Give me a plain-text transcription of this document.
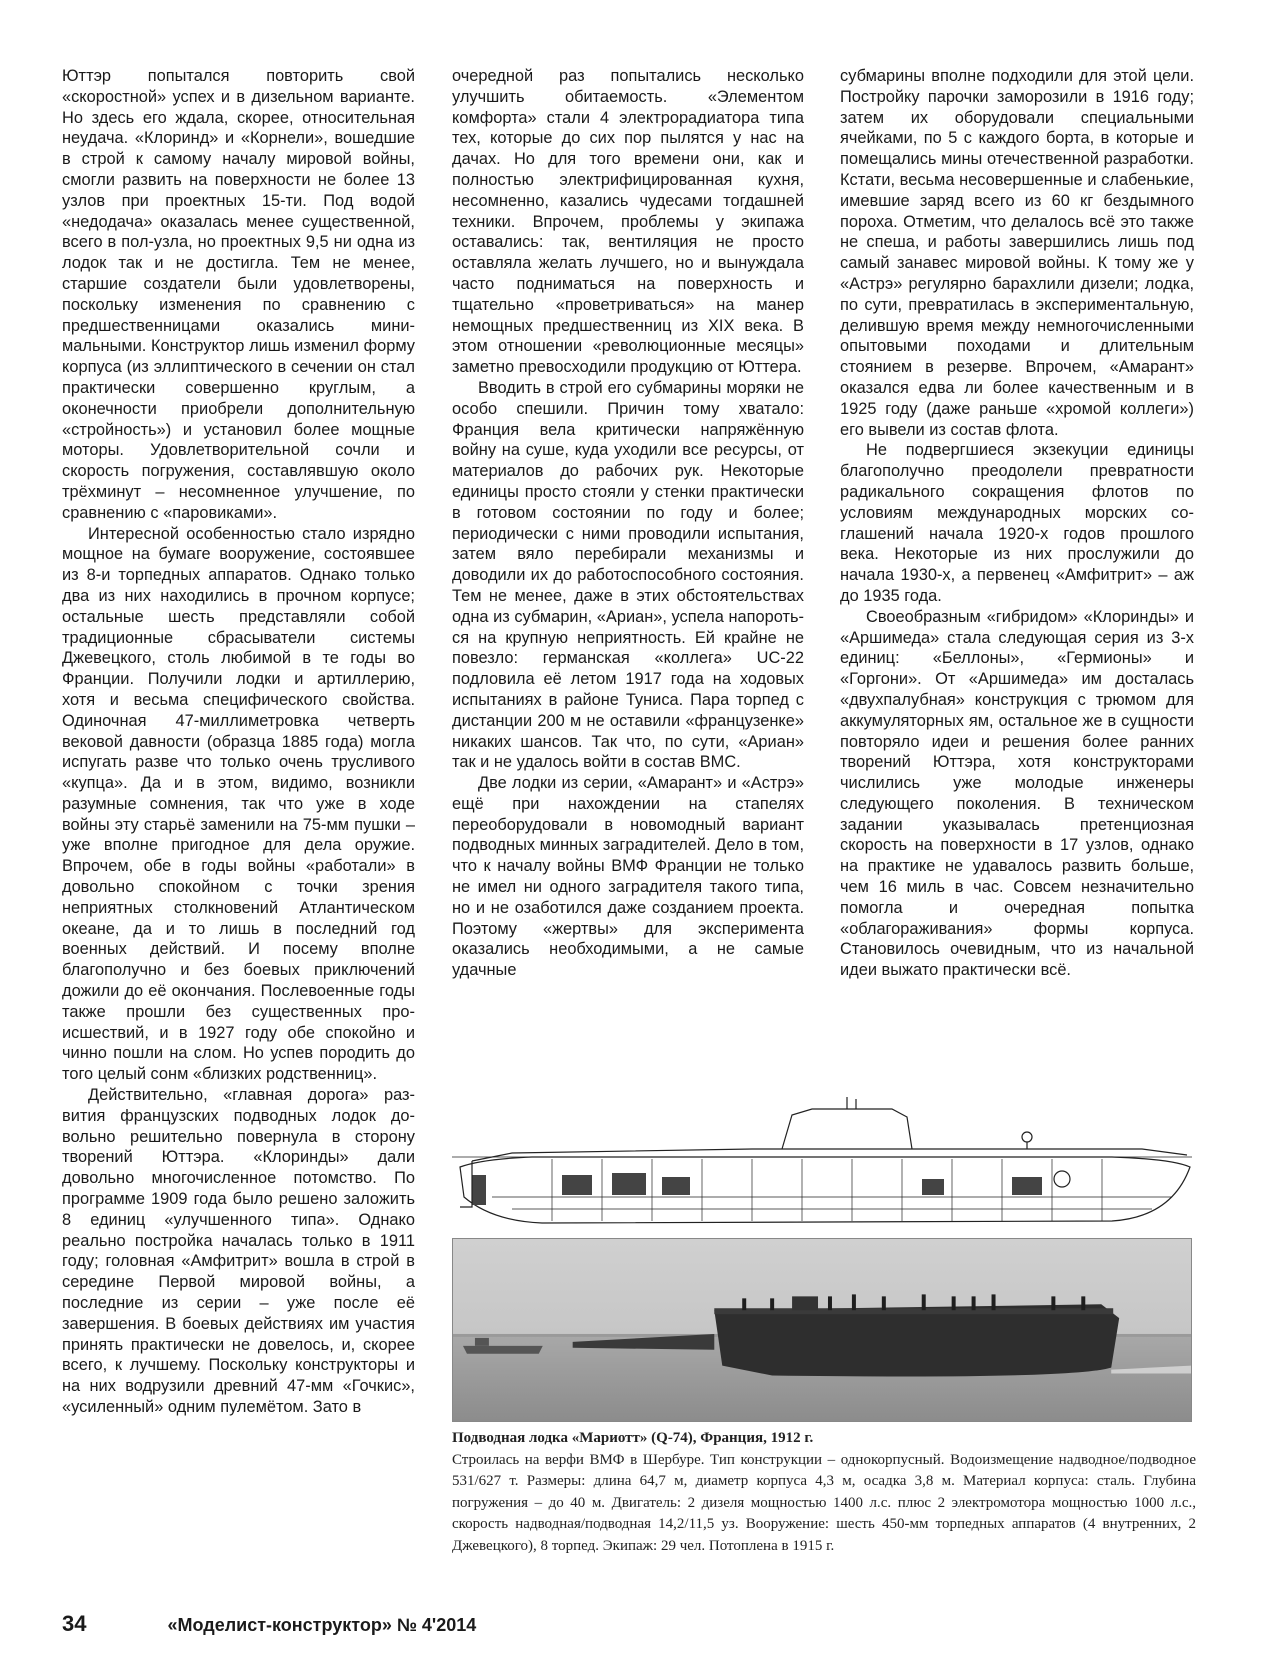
Юттэр попытался повторить свой «скоростной» успех и в дизельном варианте. Но здесь его ждала, скорее, относительная неудача. «Клоринд» и «Корнели», вошедшие в строй к самому началу мировой войны, смогли развить на поверхности не более 13 узлов при проектных 15-ти. Под водой «недодача» оказалась менее существенной, всего в пол-узла, но проектных 9,5 ни одна из лодок так и не достигла. Тем не менее, старшие создатели были удовлетворены, поскольку изменения по сравнению с предшественницами оказались минимальными. Конструктор лишь изменил форму корпуса (из эллиптического в сечении он стал практически совершенно круглым, а оконечности приобрели дополнительную «стройность») и установил более мощные моторы. Удовлетворительной сочли и скорость погружения, составлявшую около трёхминут – несомненное улучшение, по сравнению с «паровиками».

Интересной особенностью стало изрядно мощное на бумаге вооружение, состоявшее из 8-и торпедных аппаратов. Однако только два из них находились в прочном корпусе; остальные шесть представляли собой традиционные сбрасыватели системы Джевецкого, столь любимой в те годы во Франции. Получили лодки и артиллерию, хотя и весьма специфического свойства. Одиночная 47-миллиметровка четверть вековой давности (образца 1885 года) могла испугать разве что только очень трусливого «купца». Да и в этом, видимо, возникли разумные сомнения, так что уже в ходе войны эту старьё заменили на 75-мм пушки – уже вполне пригодное для дела оружие. Впрочем, обе в годы войны «работали» в довольно спокойном с точки зрения неприятных столкновений Атлантическом океане, да и то лишь в последний год военных действий. И посему вполне благополучно и без боевых приключений дожили до её окончания. Послевоенные годы также прошли без существенных происшествий, и в 1927 году обе спокойно и чинно пошли на слом. Но успев породить до того целый сонм «близких родственниц».

Действительно, «главная дорога» развития французских подводных лодок довольно решительно повернула в сторону творений Юттэра. «Клоринды» дали довольно многочисленное потомство. По программе 1909 года было решено заложить 8 единиц «улучшенного типа». Однако реально постройка началась только в 1911 году; головная «Амфитрит» вошла в строй в середине Первой мировой войны, а последние из серии – уже после её завершения. В боевых действиях им участия принять практически не довелось, и, скорее всего, к лучшему. Поскольку конструкторы и на них водрузили древний 47-мм «Гочкис», «усиленный» одним пулемётом. Зато в

очередной раз попытались несколько улучшить обитаемость. «Элементом комфорта» стали 4 электрорадиатора типа тех, которые до сих пор пылятся у нас на дачах. Но для того времени они, как и полностью электрифицированная кухня, несомненно, казались чудесами тогдашней техники. Впрочем, проблемы у экипажа оставались: так, вентиляция не просто оставляла желать лучшего, но и вынуждала часто подниматься на поверхность и тщательно «проветриваться» на манер немощных предшественниц из XIX века. В этом отношении «революционные месяцы» заметно превосходили продукцию от Юттера.

Вводить в строй его субмарины моряки не особо спешили. Причин тому хватало: Франция вела критически напряжённую войну на суше, куда уходили все ресурсы, от материалов до рабочих рук. Некоторые единицы просто стояли у стенки практически в готовом состоянии по году и более; периодически с ними проводили испытания, затем вяло перебирали механизмы и доводили их до работоспособного состояния. Тем не менее, даже в этих обстоятельствах одна из субмарин, «Ариан», успела напороться на крупную неприятность. Ей крайне не повезло: германская «коллега» UC-22 подловила её летом 1917 года на ходовых испытаниях в районе Туниса. Пара торпед с дистанции 200 м не оставили «французенке» никаких шансов. Так что, по сути, «Ариан» так и не удалось войти в состав ВМС.

Две лодки из серии, «Амарант» и «Астрэ» ещё при нахождении на стапелях переоборудовали в новомодный вариант подводных минных заградителей. Дело в том, что к началу войны ВМФ Франции не только не имел ни одного заградителя такого типа, но и не озаботился даже созданием проекта. Поэтому «жертвы» для эксперимента оказались необходимыми, а не самые удачные

субмарины вполне подходили для этой цели. Постройку парочки заморозили в 1916 году; затем их оборудовали специальными ячейками, по 5 с каждого борта, в которые и помещались мины отечественной разработки. Кстати, весьма несовершенные и слабенькие, имевшие заряд всего из 60 кг бездымного пороха. Отметим, что делалось всё это также не спеша, и работы завершились лишь под самый занавес мировой войны. К тому же у «Астрэ» регулярно барахлили дизели; лодка, по сути, превратилась в экспериментальную, делившую время между немногочисленными опытовыми походами и длительным стоянием в резерве. Впрочем, «Амарант» оказался едва ли более качественным и в 1925 году (даже раньше «хромой коллеги») его вывели из состав флота.

Не подвергшиеся экзекуции единицы благополучно преодолели превратности радикального сокращения флотов по условиям международных морских соглашений начала 1920-х годов прошлого века. Некоторые из них прослужили до начала 1930-х, а первенец «Амфитрит» – аж до 1935 года.

Своеобразным «гибридом» «Клоринды» и «Аршимеда» стала следующая серия из 3-х единиц: «Беллоны», «Гермионы» и «Горгони». От «Аршимеда» им досталась «двухпалубная» конструкция с трюмом для аккумуляторных ям, остальное же в сущности повторяло идеи и решения более ранних творений Юттэра, хотя конструкторами числились уже молодые инженеры следующего поколения. В техническом задании указывалась претенциозная скорость на поверхности в 17 узлов, однако на практике не удавалось развить больше, чем 16 миль в час. Совсем незначительно помогла и очередная попытка «облагораживания» формы корпуса. Становилось очевидным, что из начальной идеи выжато практически всё.

Подводная лодка «Мариотт» (Q-74), Франция, 1912 г.
Строилась на верфи ВМФ в Шербуре. Тип конструкции – однокорпусный. Водоизмещение надводное/подводное 531/627 т. Размеры: длина 64,7 м, диаметр корпуса 4,3 м, осадка 3,8 м. Материал корпуса: сталь. Глубина погружения – до 40 м. Двигатель: 2 дизеля мощностью 1400 л.с. плюс 2 электромотора мощностью 1000 л.с., скорость надводная/подводная 14,2/11,5 уз. Вооружение: шесть 450-мм торпедных аппаратов (4 внутренних, 2 Джевецкого), 8 торпед. Экипаж: 29 чел. Потоплена в 1915 г.
34	«Моделист-конструктор» № 4'2014
